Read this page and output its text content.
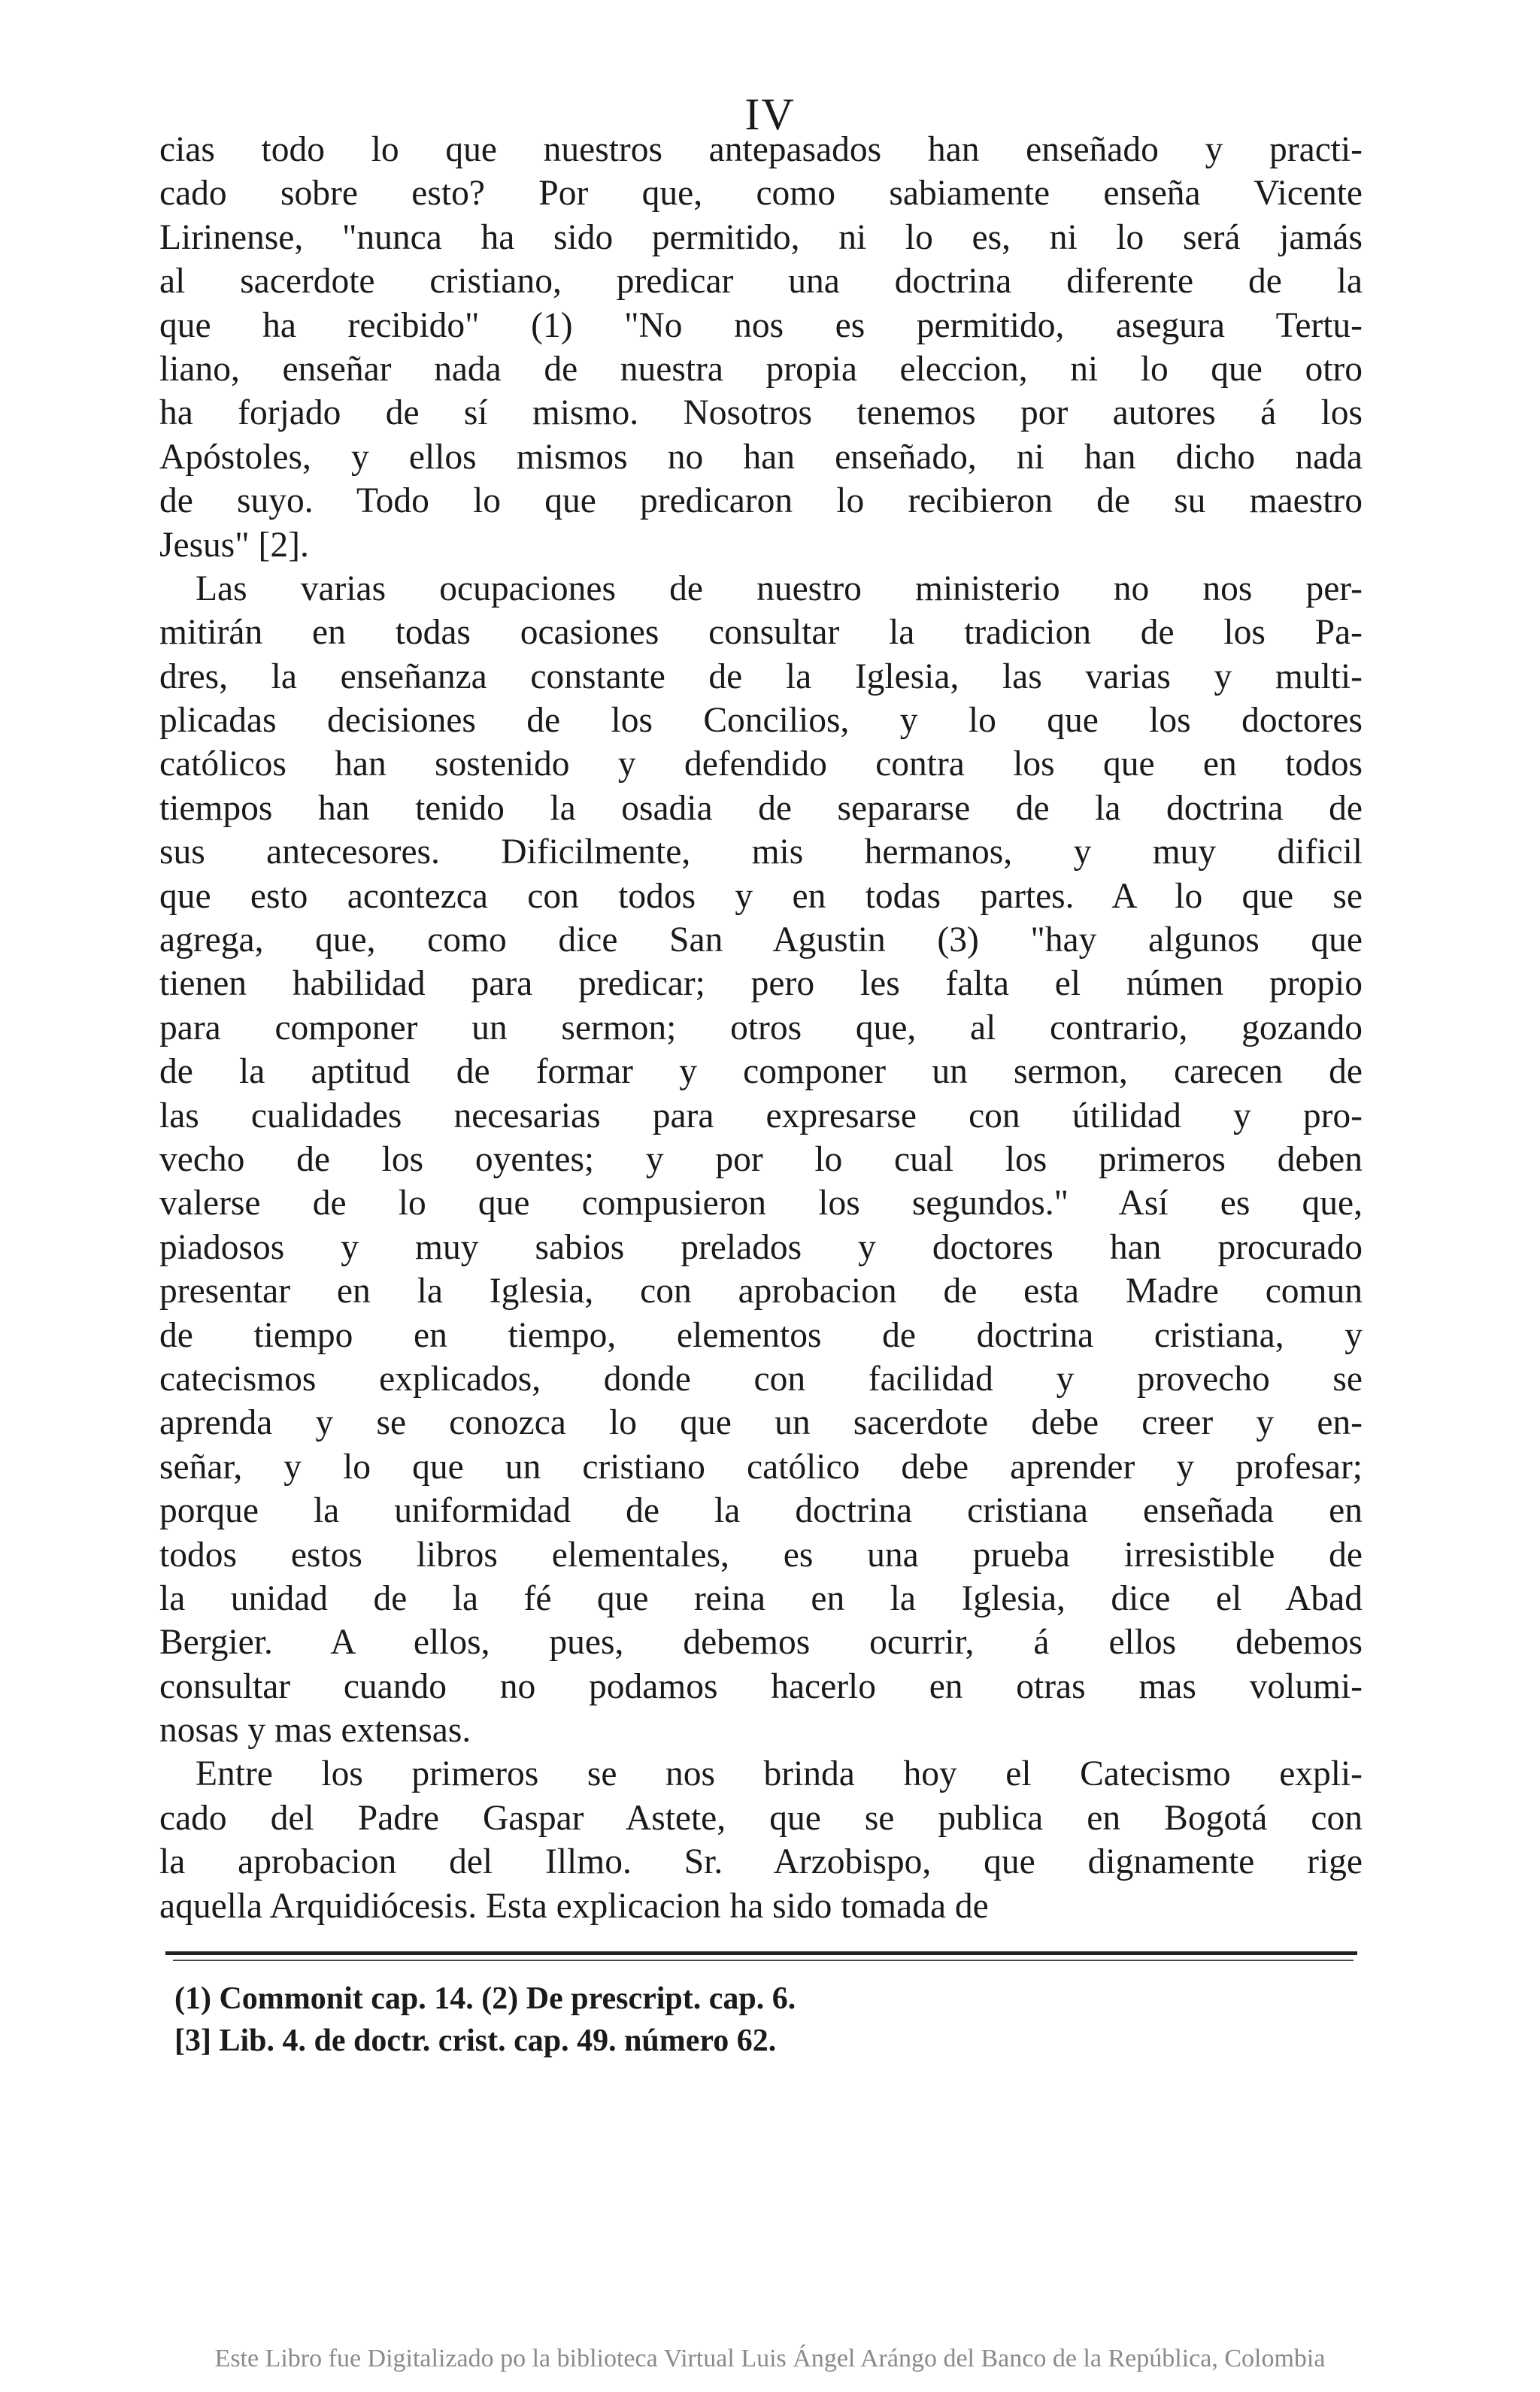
IV
cias todo lo que nuestros antepasados han enseñado y practi-
cado sobre esto? Por que, como sabiamente enseña Vicente
Lirinense, "nunca ha sido permitido, ni lo es, ni lo será jamás
al sacerdote cristiano, predicar una doctrina diferente de la
que ha recibido" (1) "No nos es permitido, asegura Tertu-
liano, enseñar nada de nuestra propia eleccion, ni lo que otro
ha forjado de sí mismo. Nosotros tenemos por autores á los
Apóstoles, y ellos mismos no han enseñado, ni han dicho nada
de suyo. Todo lo que predicaron lo recibieron de su maestro
Jesus" [2].
Las varias ocupaciones de nuestro ministerio no nos per-
mitirán en todas ocasiones consultar la tradicion de los Pa-
dres, la enseñanza constante de la Iglesia, las varias y multi-
plicadas decisiones de los Concilios, y lo que los doctores
católicos han sostenido y defendido contra los que en todos
tiempos han tenido la osadia de separarse de la doctrina de
sus antecesores. Dificilmente, mis hermanos, y muy dificil
que esto acontezca con todos y en todas partes. A lo que se
agrega, que, como dice San Agustin (3) "hay algunos que
tienen habilidad para predicar; pero les falta el númen propio
para componer un sermon; otros que, al contrario, gozando
de la aptitud de formar y componer un sermon, carecen de
las cualidades necesarias para expresarse con útilidad y pro-
vecho de los oyentes; y por lo cual los primeros deben
valerse de lo que compusieron los segundos." Así es que,
piadosos y muy sabios prelados y doctores han procurado
presentar en la Iglesia, con aprobacion de esta Madre comun
de tiempo en tiempo, elementos de doctrina cristiana, y
catecismos explicados, donde con facilidad y provecho se
aprenda y se conozca lo que un sacerdote debe creer y en-
señar, y lo que un cristiano católico debe aprender y profesar;
porque la uniformidad de la doctrina cristiana enseñada en
todos estos libros elementales, es una prueba irresistible de
la unidad de la fé que reina en la Iglesia, dice el Abad
Bergier. A ellos, pues, debemos ocurrir, á ellos debemos
consultar cuando no podamos hacerlo en otras mas volumi-
nosas y mas extensas.
Entre los primeros se nos brinda hoy el Catecismo expli-
cado del Padre Gaspar Astete, que se publica en Bogotá con
la aprobacion del Illmo. Sr. Arzobispo, que dignamente rige
aquella Arquidiócesis. Esta explicacion ha sido tomada de
(1) Commonit cap. 14. (2) De prescript. cap. 6.
[3] Lib. 4. de doctr. crist. cap. 49. número 62.
Este Libro fue Digitalizado po la biblioteca Virtual Luis Ángel Arángo del Banco de la República, Colombia
